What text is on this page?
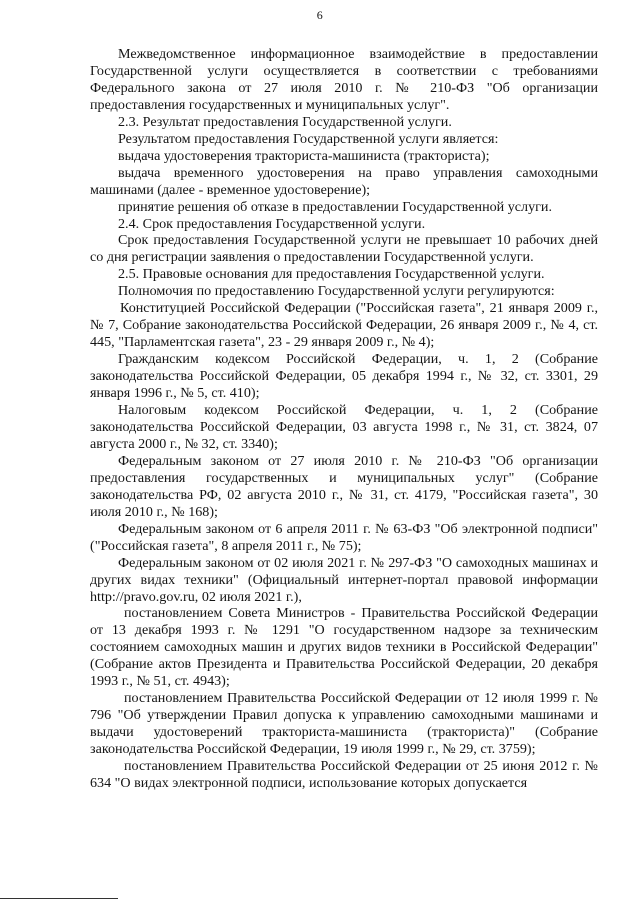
6

Межведомственное информационное взаимодействие в предоставлении Государственной услуги осуществляется в соответствии с требованиями Федерального закона от 27 июля 2010 г. № 210-ФЗ "Об организации предоставления государственных и муниципальных услуг".

2.3. Результат предоставления Государственной услуги.

Результатом предоставления Государственной услуги является:

выдача удостоверения тракториста-машиниста (тракториста);

выдача временного удостоверения на право управления самоходными машинами (далее - временное удостоверение);

принятие решения об отказе в предоставлении Государственной услуги.

2.4. Срок предоставления Государственной услуги.

Срок предоставления Государственной услуги не превышает 10 рабочих дней со дня регистрации заявления о предоставлении Государственной услуги.

2.5. Правовые основания для предоставления Государственной услуги.

Полномочия по предоставлению Государственной услуги регулируются:

Конституцией Российской Федерации ("Российская газета", 21 января 2009 г., № 7, Собрание законодательства Российской Федерации, 26 января 2009 г., № 4, ст. 445, "Парламентская газета", 23 - 29 января 2009 г., № 4);

Гражданским кодексом Российской Федерации, ч. 1, 2 (Собрание законодательства Российской Федерации, 05 декабря 1994 г., № 32, ст. 3301, 29 января 1996 г., № 5, ст. 410);

Налоговым кодексом Российской Федерации, ч. 1, 2 (Собрание законодательства Российской Федерации, 03 августа 1998 г., № 31, ст. 3824, 07 августа 2000 г., № 32, ст. 3340);

Федеральным законом от 27 июля 2010 г. № 210-ФЗ "Об организации предоставления государственных и муниципальных услуг" (Собрание законодательства РФ, 02 августа 2010 г., № 31, ст. 4179, "Российская газета", 30 июля 2010 г., № 168);

Федеральным законом от 6 апреля 2011 г. № 63-ФЗ "Об электронной подписи" ("Российская газета", 8 апреля 2011 г., № 75);

Федеральным законом от 02 июля 2021 г. № 297-ФЗ "О самоходных машинах и других видах техники" (Официальный интернет-портал правовой информации http://pravo.gov.ru, 02 июля 2021 г.),

постановлением Совета Министров - Правительства Российской Федерации от 13 декабря 1993 г. № 1291 "О государственном надзоре за техническим состоянием самоходных машин и других видов техники в Российской Федерации" (Собрание актов Президента и Правительства Российской Федерации, 20 декабря 1993 г., № 51, ст. 4943);

постановлением Правительства Российской Федерации от 12 июля 1999 г. № 796 "Об утверждении Правил допуска к управлению самоходными машинами и выдачи удостоверений тракториста-машиниста (тракториста)" (Собрание законодательства Российской Федерации, 19 июля 1999 г., № 29, ст. 3759);

постановлением Правительства Российской Федерации от 25 июня 2012 г. № 634 "О видах электронной подписи, использование которых допускается
